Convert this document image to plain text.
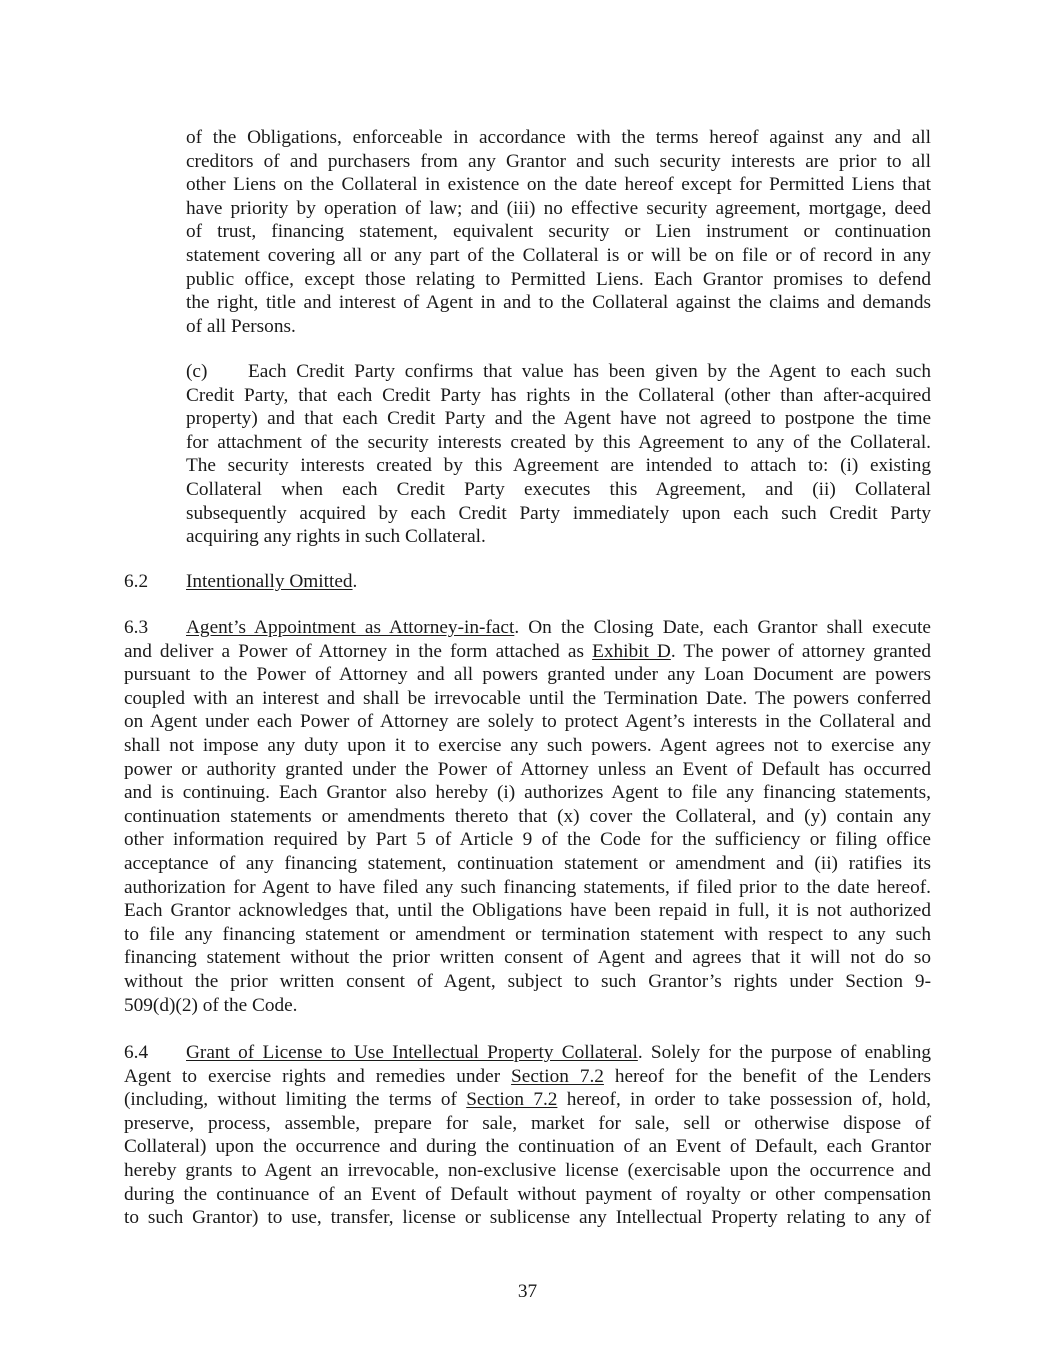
of the Obligations, enforceable in accordance with the terms hereof against any and all
creditors of and purchasers from any Grantor and such security interests are prior to all
other Liens on the Collateral in existence on the date hereof except for Permitted Liens that
have priority by operation of law; and (iii) no effective security agreement, mortgage, deed
of trust, financing statement, equivalent security or Lien instrument or continuation
statement covering all or any part of the Collateral is or will be on file or of record in any
public office, except those relating to Permitted Liens. Each Grantor promises to defend
the right, title and interest of Agent in and to the Collateral against the claims and demands
of all Persons.
(c) Each Credit Party confirms that value has been given by the Agent to each such
Credit Party, that each Credit Party has rights in the Collateral (other than after-acquired
property) and that each Credit Party and the Agent have not agreed to postpone the time
for attachment of the security interests created by this Agreement to any of the Collateral.
The security interests created by this Agreement are intended to attach to: (i) existing
Collateral when each Credit Party executes this Agreement, and (ii) Collateral
subsequently acquired by each Credit Party immediately upon each such Credit Party
acquiring any rights in such Collateral.
6.2 Intentionally Omitted.
6.3 Agent’s Appointment as Attorney-in-fact. On the Closing Date, each Grantor shall execute
and deliver a Power of Attorney in the form attached as Exhibit D. The power of attorney granted
pursuant to the Power of Attorney and all powers granted under any Loan Document are powers
coupled with an interest and shall be irrevocable until the Termination Date. The powers conferred
on Agent under each Power of Attorney are solely to protect Agent’s interests in the Collateral and
shall not impose any duty upon it to exercise any such powers. Agent agrees not to exercise any
power or authority granted under the Power of Attorney unless an Event of Default has occurred
and is continuing. Each Grantor also hereby (i) authorizes Agent to file any financing statements,
continuation statements or amendments thereto that (x) cover the Collateral, and (y) contain any
other information required by Part 5 of Article 9 of the Code for the sufficiency or filing office
acceptance of any financing statement, continuation statement or amendment and (ii) ratifies its
authorization for Agent to have filed any such financing statements, if filed prior to the date hereof.
Each Grantor acknowledges that, until the Obligations have been repaid in full, it is not authorized
to file any financing statement or amendment or termination statement with respect to any such
financing statement without the prior written consent of Agent and agrees that it will not do so
without the prior written consent of Agent, subject to such Grantor’s rights under Section 9-
509(d)(2) of the Code.
6.4 Grant of License to Use Intellectual Property Collateral. Solely for the purpose of enabling
Agent to exercise rights and remedies under Section 7.2 hereof for the benefit of the Lenders
(including, without limiting the terms of Section 7.2 hereof, in order to take possession of, hold,
preserve, process, assemble, prepare for sale, market for sale, sell or otherwise dispose of
Collateral) upon the occurrence and during the continuation of an Event of Default, each Grantor
hereby grants to Agent an irrevocable, non-exclusive license (exercisable upon the occurrence and
during the continuance of an Event of Default without payment of royalty or other compensation
to such Grantor) to use, transfer, license or sublicense any Intellectual Property relating to any of
37
